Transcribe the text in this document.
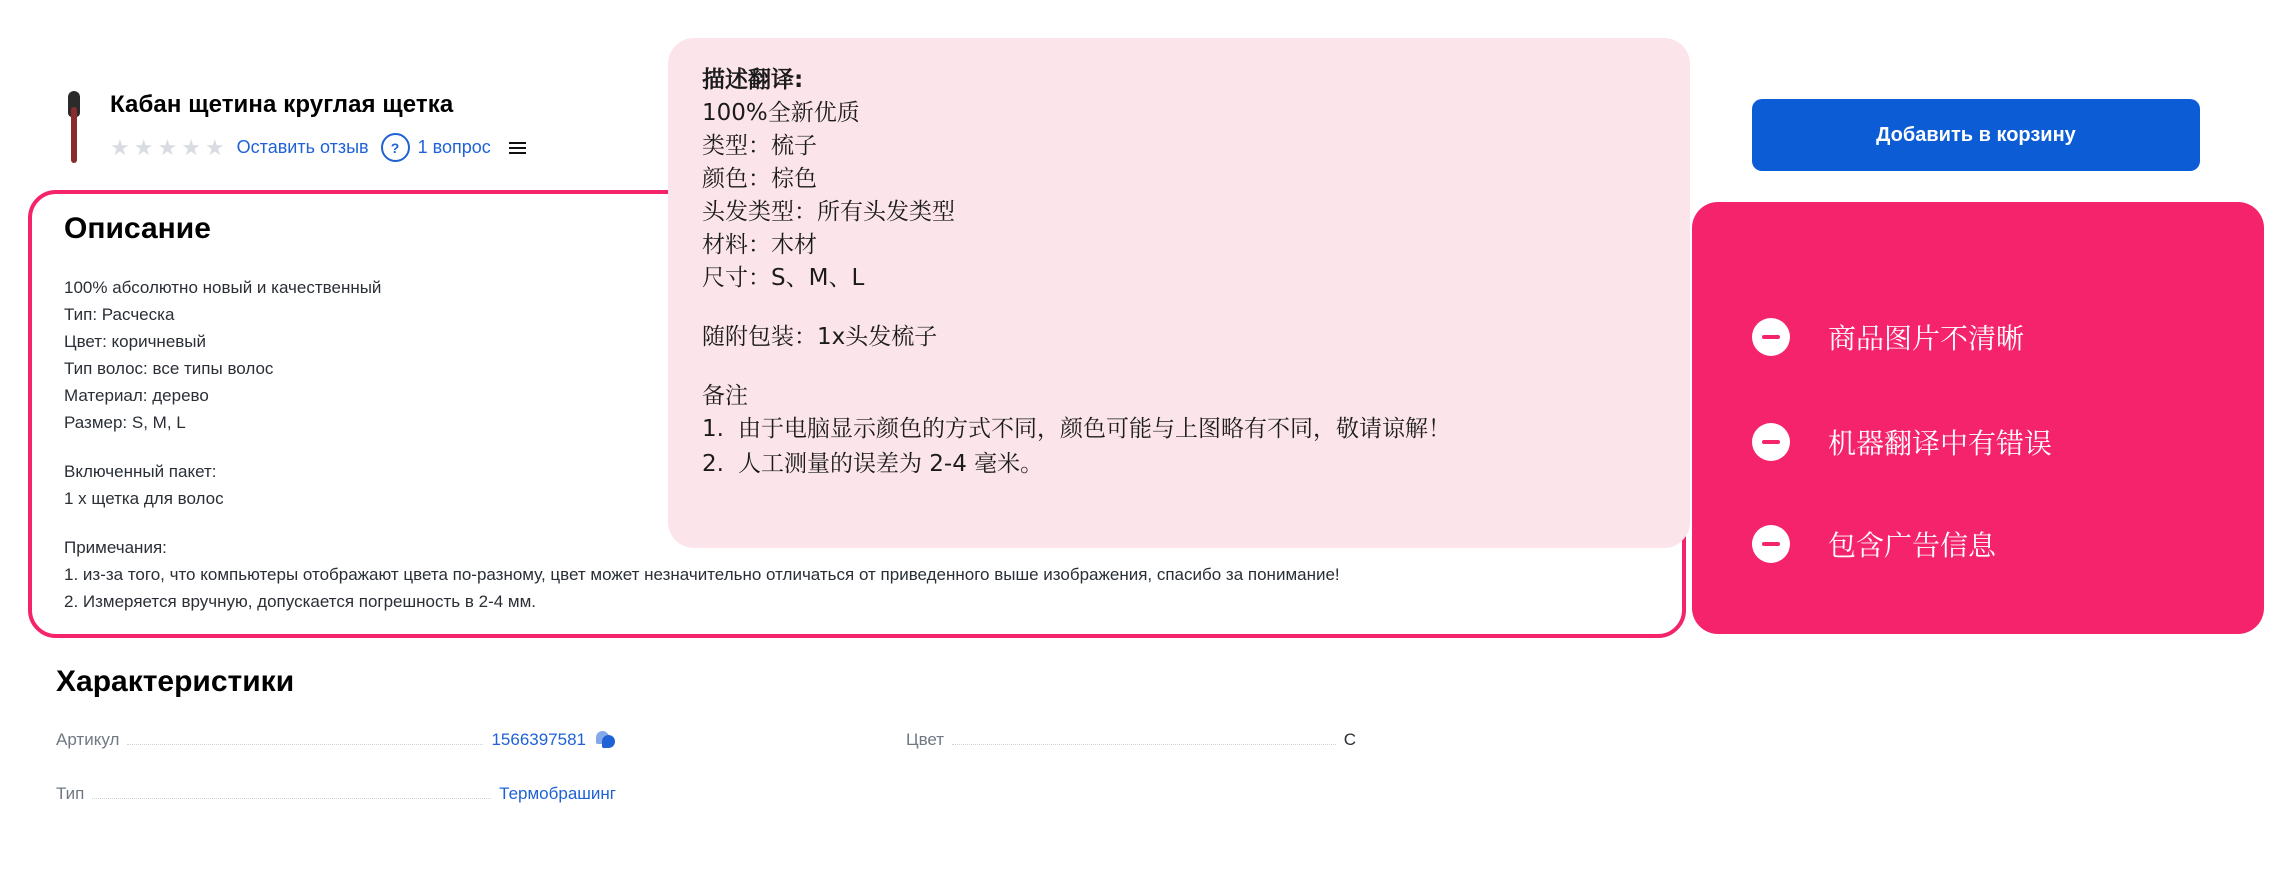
Кабан щетина круглая щетка
★ ★ ★ ★ ★ Оставить отзыв	?	1 вопрос
Добавить в корзину
Описание

100% абсолютно новый и качественный

Тип: Расческа

Цвет: коричневый

Тип волос: все типы волос

Материал: дерево

Размер: S, M, L

Включенный пакет:

1 x щетка для волос

Примечания:

1. из-за того, что компьютеры отображают цвета по-разному, цвет может незначительно отличаться от приведенного выше изображения, спасибо за понимание!

2. Измеряется вручную, допускается погрешность в 2-4 мм.

描述翻译:
100%全新优质
类型：梳子
颜色：棕色
头发类型：所有头发类型
材料：木材
尺寸：S、M、L
随附包装：1x头发梳子
备注
1. 由于电脑显示颜色的方式不同，颜色可能与上图略有不同，敬请谅解！
2. 人工测量的误差为 2-4 毫米。
商品图片不清晰
机器翻译中有错误
包含广告信息
Характеристики
Артикул	1566397581
Тип	Термобрашинг
Цвет	C
